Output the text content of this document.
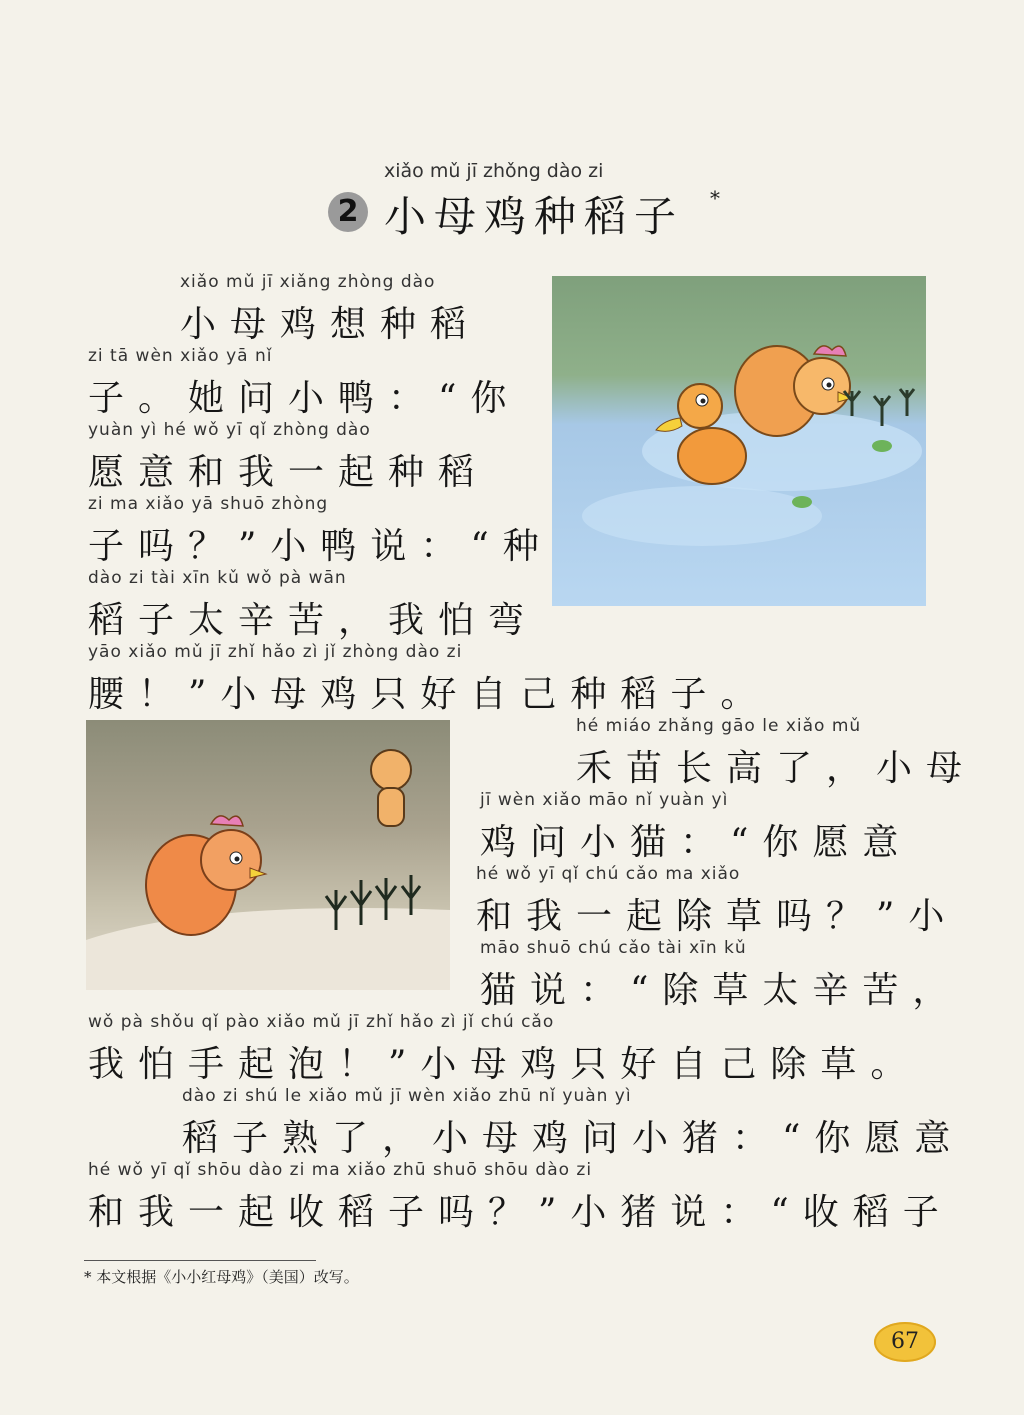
xiǎo mǔ jī zhǒng dào zi
2 小母鸡种稻子 *
xiǎo mǔ jī xiǎng zhòng dào
小母鸡想种稻
zi tā wèn xiǎo yā nǐ
子。她问小鸭：“你
yuàn yì hé wǒ yī qǐ zhòng dào
愿意和我一起种稻
zi ma xiǎo yā shuō zhòng
子吗？”小鸭说：“种
dào zi tài xīn kǔ wǒ pà wān
稻子太辛苦，我怕弯
yāo xiǎo mǔ jī zhǐ hǎo zì jǐ zhòng dào zi
腰！”小母鸡只好自己种稻子。
hé miáo zhǎng gāo le xiǎo mǔ
禾苗长高了，小母
jī wèn xiǎo māo nǐ yuàn yì
鸡问小猫：“你愿意
hé wǒ yī qǐ chú cǎo ma xiǎo
和我一起除草吗？”小
māo shuō chú cǎo tài xīn kǔ
猫说：“除草太辛苦，
wǒ pà shǒu qǐ pào xiǎo mǔ jī zhǐ hǎo zì jǐ chú cǎo
我怕手起泡！”小母鸡只好自己除草。
dào zi shú le xiǎo mǔ jī wèn xiǎo zhū nǐ yuàn yì
稻子熟了，小母鸡问小猪：“你愿意
hé wǒ yī qǐ shōu dào zi ma xiǎo zhū shuō shōu dào zi
和我一起收稻子吗？”小猪说：“收稻子
* 本文根据《小小红母鸡》（美国）改写。
67
